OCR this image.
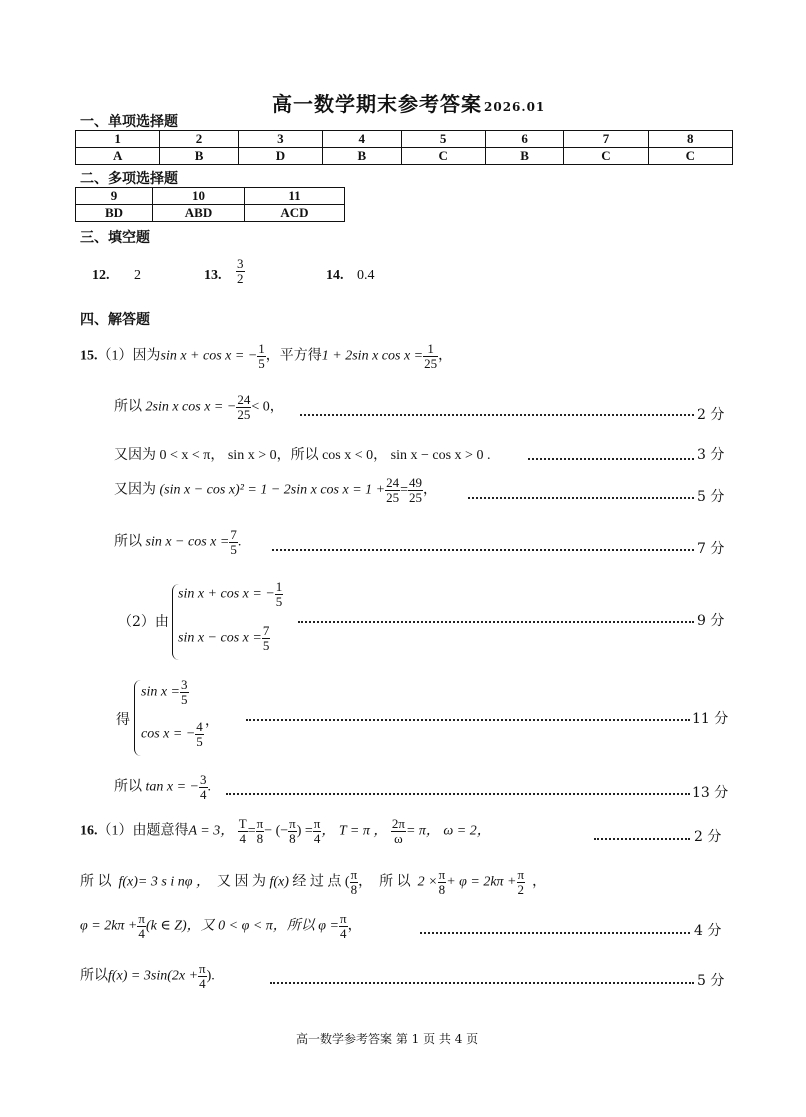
高一数学期末参考答案 2026.01
一、单项选择题
1	2	3	4	5	6	7	8
A	B	D	B	C	B	C	C
二、多项选择题
9	10	11
BD	ABD	ACD
三、填空题
12. 2	13. $\frac{3}{2}$	14. 0.4
四、解答题
15.（1）因为sin x + cos x = − $\frac{1}{5}$ ，平方得1 + 2sin x $\cos x = \frac{1}{25}$ ，
所以 2sin x cos x = − $\frac{24}{25} < 0$，
2 分
又因为 0 < x < π， sin x > 0，所以 cos x < 0， sin x − cos x > 0 .	3 分
又因为 (sin x − cos x)² = 1 − 2sin x $\cos x = 1 + \frac{24}{25} = \frac{49}{25}$ ，	5 分
所以 $\sin x - \cos x = \frac{7}{5}$ .	7 分
（2）由
sin x + cos x = − $\frac{1}{5}$
$\sin x - \cos x = \frac{7}{5}$
9 分
得
$\sin x = \frac{3}{5}$
cos x = − $\frac{4}{5}$ ，	11 分
所以 tan x = − $\frac{3}{4}$ .	13 分
16.（1）由题意得A = 3， $\frac{T}{4} = \frac{\pi}{8}$ − (− $\frac{\pi}{8}$ ) = $\frac{\pi}{4}$ ， T = π ， $\frac{2\pi}{\omega} = \pi$， ω = 2，	2 分
所 以 f(x)= 3 s i nφ ， 又 因 为 f(x) 经 过 点 ( $\frac{\pi}{8}$ ， 所 以 $2 \times \frac{\pi}{8} + \varphi = 2k\pi + \frac{\pi}{2}$ ，
$\varphi = 2k\pi + \frac{\pi}{4} (k$ ∈ Z)，又 0 < φ < π，所以 $\varphi = \frac{\pi}{4}$ ，	4 分
所以$f(x) = 3\sin(2x + \frac{\pi}{4}$ ).	5 分
高一数学参考答案 第 1 页 共 4 页
